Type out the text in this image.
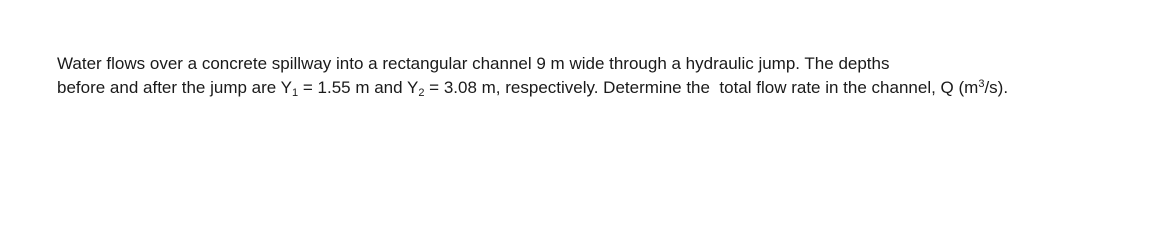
Water flows over a concrete spillway into a rectangular channel 9 m wide through a hydraulic jump. The depths
before and after the jump are $Y_1 = 1.55$ m and $Y_2 = 3.08$ m, respectively. Determine the  total flow rate in the channel, Q $(m^3/s)$.
